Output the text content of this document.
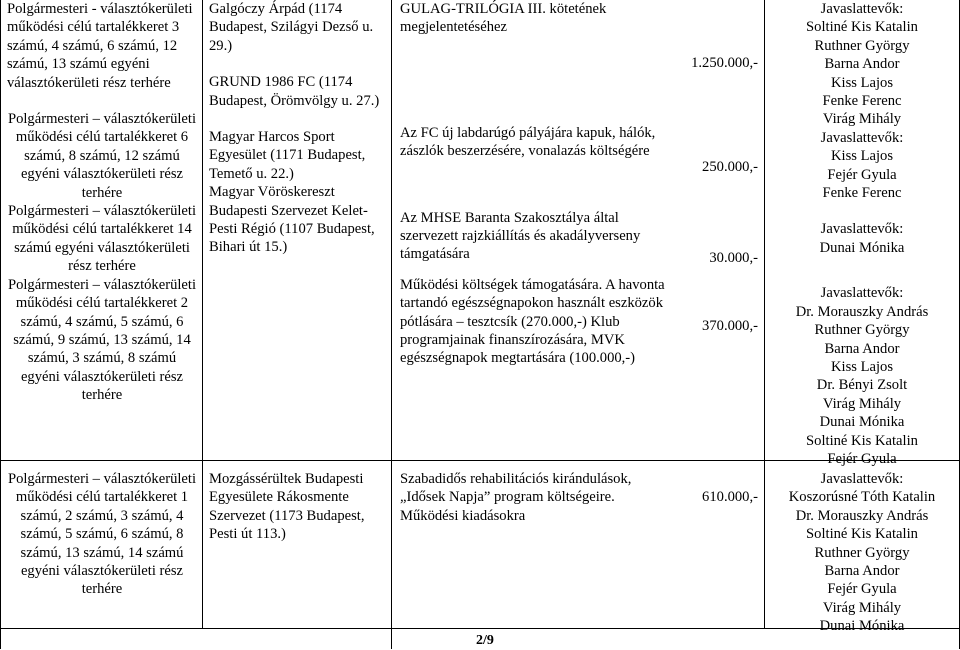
Polgármesteri - választókerületi működési célú tartalékkeret 3 számú, 4 számú, 6 számú, 12 számú, 13 számú egyéni választókerületi rész terhére

Polgármesteri – választókerületi működési célú tartalékkeret 6 számú, 8 számú, 12 számú egyéni választókerületi rész terhére

Polgármesteri – választókerületi működési célú tartalékkeret 14 számú egyéni választókerületi rész terhére

Polgármesteri – választókerületi működési célú tartalékkeret 2 számú, 4 számú, 5 számú, 6 számú, 9 számú, 13 számú, 14 számú, 3 számú, 8 számú egyéni választókerületi rész terhére

Galgóczy Árpád (1174 Budapest, Szilágyi Dezső u. 29.)

GRUND 1986 FC (1174 Budapest, Örömvölgy u. 27.)

Magyar Harcos Sport Egyesület (1171 Budapest, Temető u. 22.)

Magyar Vöröskereszt Budapesti Szervezet Kelet-Pesti Régió (1107 Budapest, Bihari út 15.)

GULAG-TRILÓGIA III. kötetének megjelentetéséhez

Az FC új labdarúgó pályájára kapuk, hálók, zászlók beszerzésére, vonalazás költségére

Az MHSE Baranta Szakosztálya által szervezett rajzkiállítás és akadályverseny támgatására

Működési költségek támogatására. A havonta tartandó egészségnapokon használt eszközök pótlására – tesztcsík (270.000,-) Klub programjainak finanszírozására, MVK egészségnapok megtartására (100.000,-)

1.250.000,-
250.000,-
30.000,-
370.000,-
Javaslattevők:
Soltiné Kis Katalin
Ruthner György
Barna Andor
Kiss Lajos
Fenke Ferenc
Virág Mihály
Javaslattevők:
Kiss Lajos
Fejér Gyula
Fenke Ferenc
Javaslattevők:
Dunai Mónika
Javaslattevők:
Dr. Morauszky András
Ruthner György
Barna Andor
Kiss Lajos
Dr. Bényi Zsolt
Virág Mihály
Dunai Mónika
Soltiné Kis Katalin
Fejér Gyula
Polgármesteri – választókerületi működési célú tartalékkeret 1 számú, 2 számú, 3 számú, 4 számú, 5 számú, 6 számú, 8 számú, 13 számú, 14 számú egyéni választókerületi rész terhére
Mozgássérültek Budapesti Egyesülete Rákosmente Szervezet (1173 Budapest, Pesti út 113.)
Szabadidős rehabilitációs kirándulások, „Idősek Napja” program költségeire. Működési kiadásokra
610.000,-
Javaslattevők:
Koszorúsné Tóth Katalin
Dr. Morauszky András
Soltiné Kis Katalin
Ruthner György
Barna Andor
Fejér Gyula
Virág Mihály
Dunai Mónika
2/9
